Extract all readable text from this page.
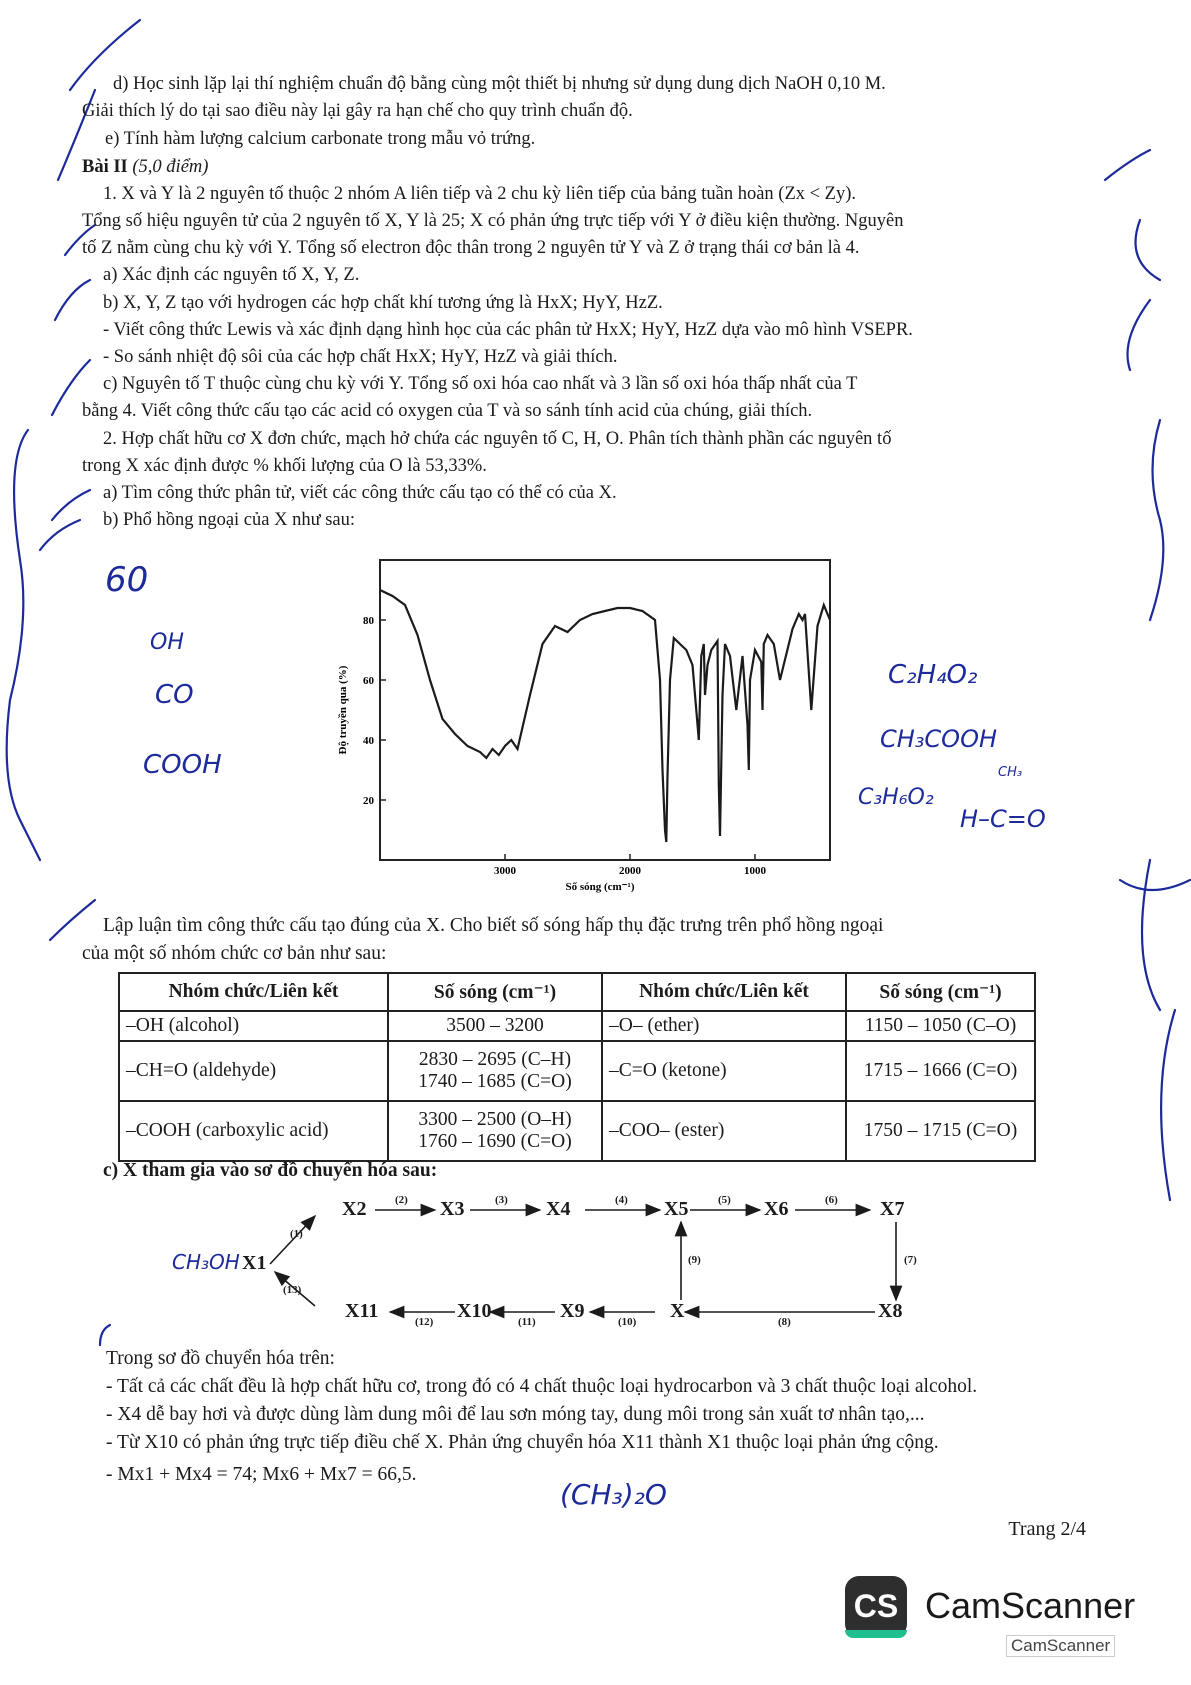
d) Học sinh lặp lại thí nghiệm chuẩn độ bằng cùng một thiết bị nhưng sử dụng dung dịch NaOH 0,10 M.
Giải thích lý do tại sao điều này lại gây ra hạn chế cho quy trình chuẩn độ.
e) Tính hàm lượng calcium carbonate trong mẫu vỏ trứng.
Bài II (5,0 điểm)
1. X và Y là 2 nguyên tố thuộc 2 nhóm A liên tiếp và 2 chu kỳ liên tiếp của bảng tuần hoàn (Zx < Zy).
Tổng số hiệu nguyên tử của 2 nguyên tố X, Y là 25; X có phản ứng trực tiếp với Y ở điều kiện thường. Nguyên
tố Z nằm cùng chu kỳ với Y. Tổng số electron độc thân trong 2 nguyên tử Y và Z ở trạng thái cơ bản là 4.
a) Xác định các nguyên tố X, Y, Z.
b) X, Y, Z tạo với hydrogen các hợp chất khí tương ứng là HxX; HyY, HzZ.
- Viết công thức Lewis và xác định dạng hình học của các phân tử HxX; HyY, HzZ dựa vào mô hình VSEPR.
- So sánh nhiệt độ sôi của các hợp chất HxX; HyY, HzZ và giải thích.
c) Nguyên tố T thuộc cùng chu kỳ với Y. Tổng số oxi hóa cao nhất và 3 lần số oxi hóa thấp nhất của T
bằng 4. Viết công thức cấu tạo các acid có oxygen của T và so sánh tính acid của chúng, giải thích.
2. Hợp chất hữu cơ X đơn chức, mạch hở chứa các nguyên tố C, H, O. Phân tích thành phần các nguyên tố
trong X xác định được % khối lượng của O là 53,33%.
a) Tìm công thức phân tử, viết các công thức cấu tạo có thể có của X.
b) Phổ hồng ngoại của X như sau:
20
40
60
80
3000	2000	1000
Độ truyền qua (%)
Số sóng (cm⁻¹)
60
OH
CO
COOH
C₂H₄O₂
CH₃COOH
C₃H₆O₂
CH₃
H–C=O
Lập luận tìm công thức cấu tạo đúng của X. Cho biết số sóng hấp thụ đặc trưng trên phổ hồng ngoại
của một số nhóm chức cơ bản như sau:
Nhóm chức/Liên kết	Số sóng (cm⁻¹)	Nhóm chức/Liên kết	Số sóng (cm⁻¹)
–OH (alcohol)	3500 – 3200	–O– (ether)	1150 – 1050 (C–O)
–CH=O (aldehyde)	2830 – 2695 (C–H)
1740 – 1685 (C=O)	–C=O (ketone)	1715 – 1666 (C=O)
–COOH (carboxylic acid)	3300 – 2500 (O–H)
1760 – 1690 (C=O)	–COO– (ester)	1750 – 1715 (C=O)
c) X tham gia vào sơ đồ chuyển hóa sau:
X1
X2	X3	X4	X5	X6	X7
X8
X
X9
X10
X11
(1)
(2)	(3)	(4)	(5)	(6)
(7)
(8)
(9)
(10)
(11)
(12)
(13)
CH₃OH
Trong sơ đồ chuyển hóa trên:
- Tất cả các chất đều là hợp chất hữu cơ, trong đó có 4 chất thuộc loại hydrocarbon và 3 chất thuộc loại alcohol.
- X4 dễ bay hơi và được dùng làm dung môi để lau sơn móng tay, dung môi trong sản xuất tơ nhân tạo,...
- Từ X10 có phản ứng trực tiếp điều chế X. Phản ứng chuyển hóa X11 thành X1 thuộc loại phản ứng cộng.
- Mx1 + Mx4 = 74; Mx6 + Mx7 = 66,5.
(CH₃)₂O
Trang 2/4
CS CamScanner
CamScanner
